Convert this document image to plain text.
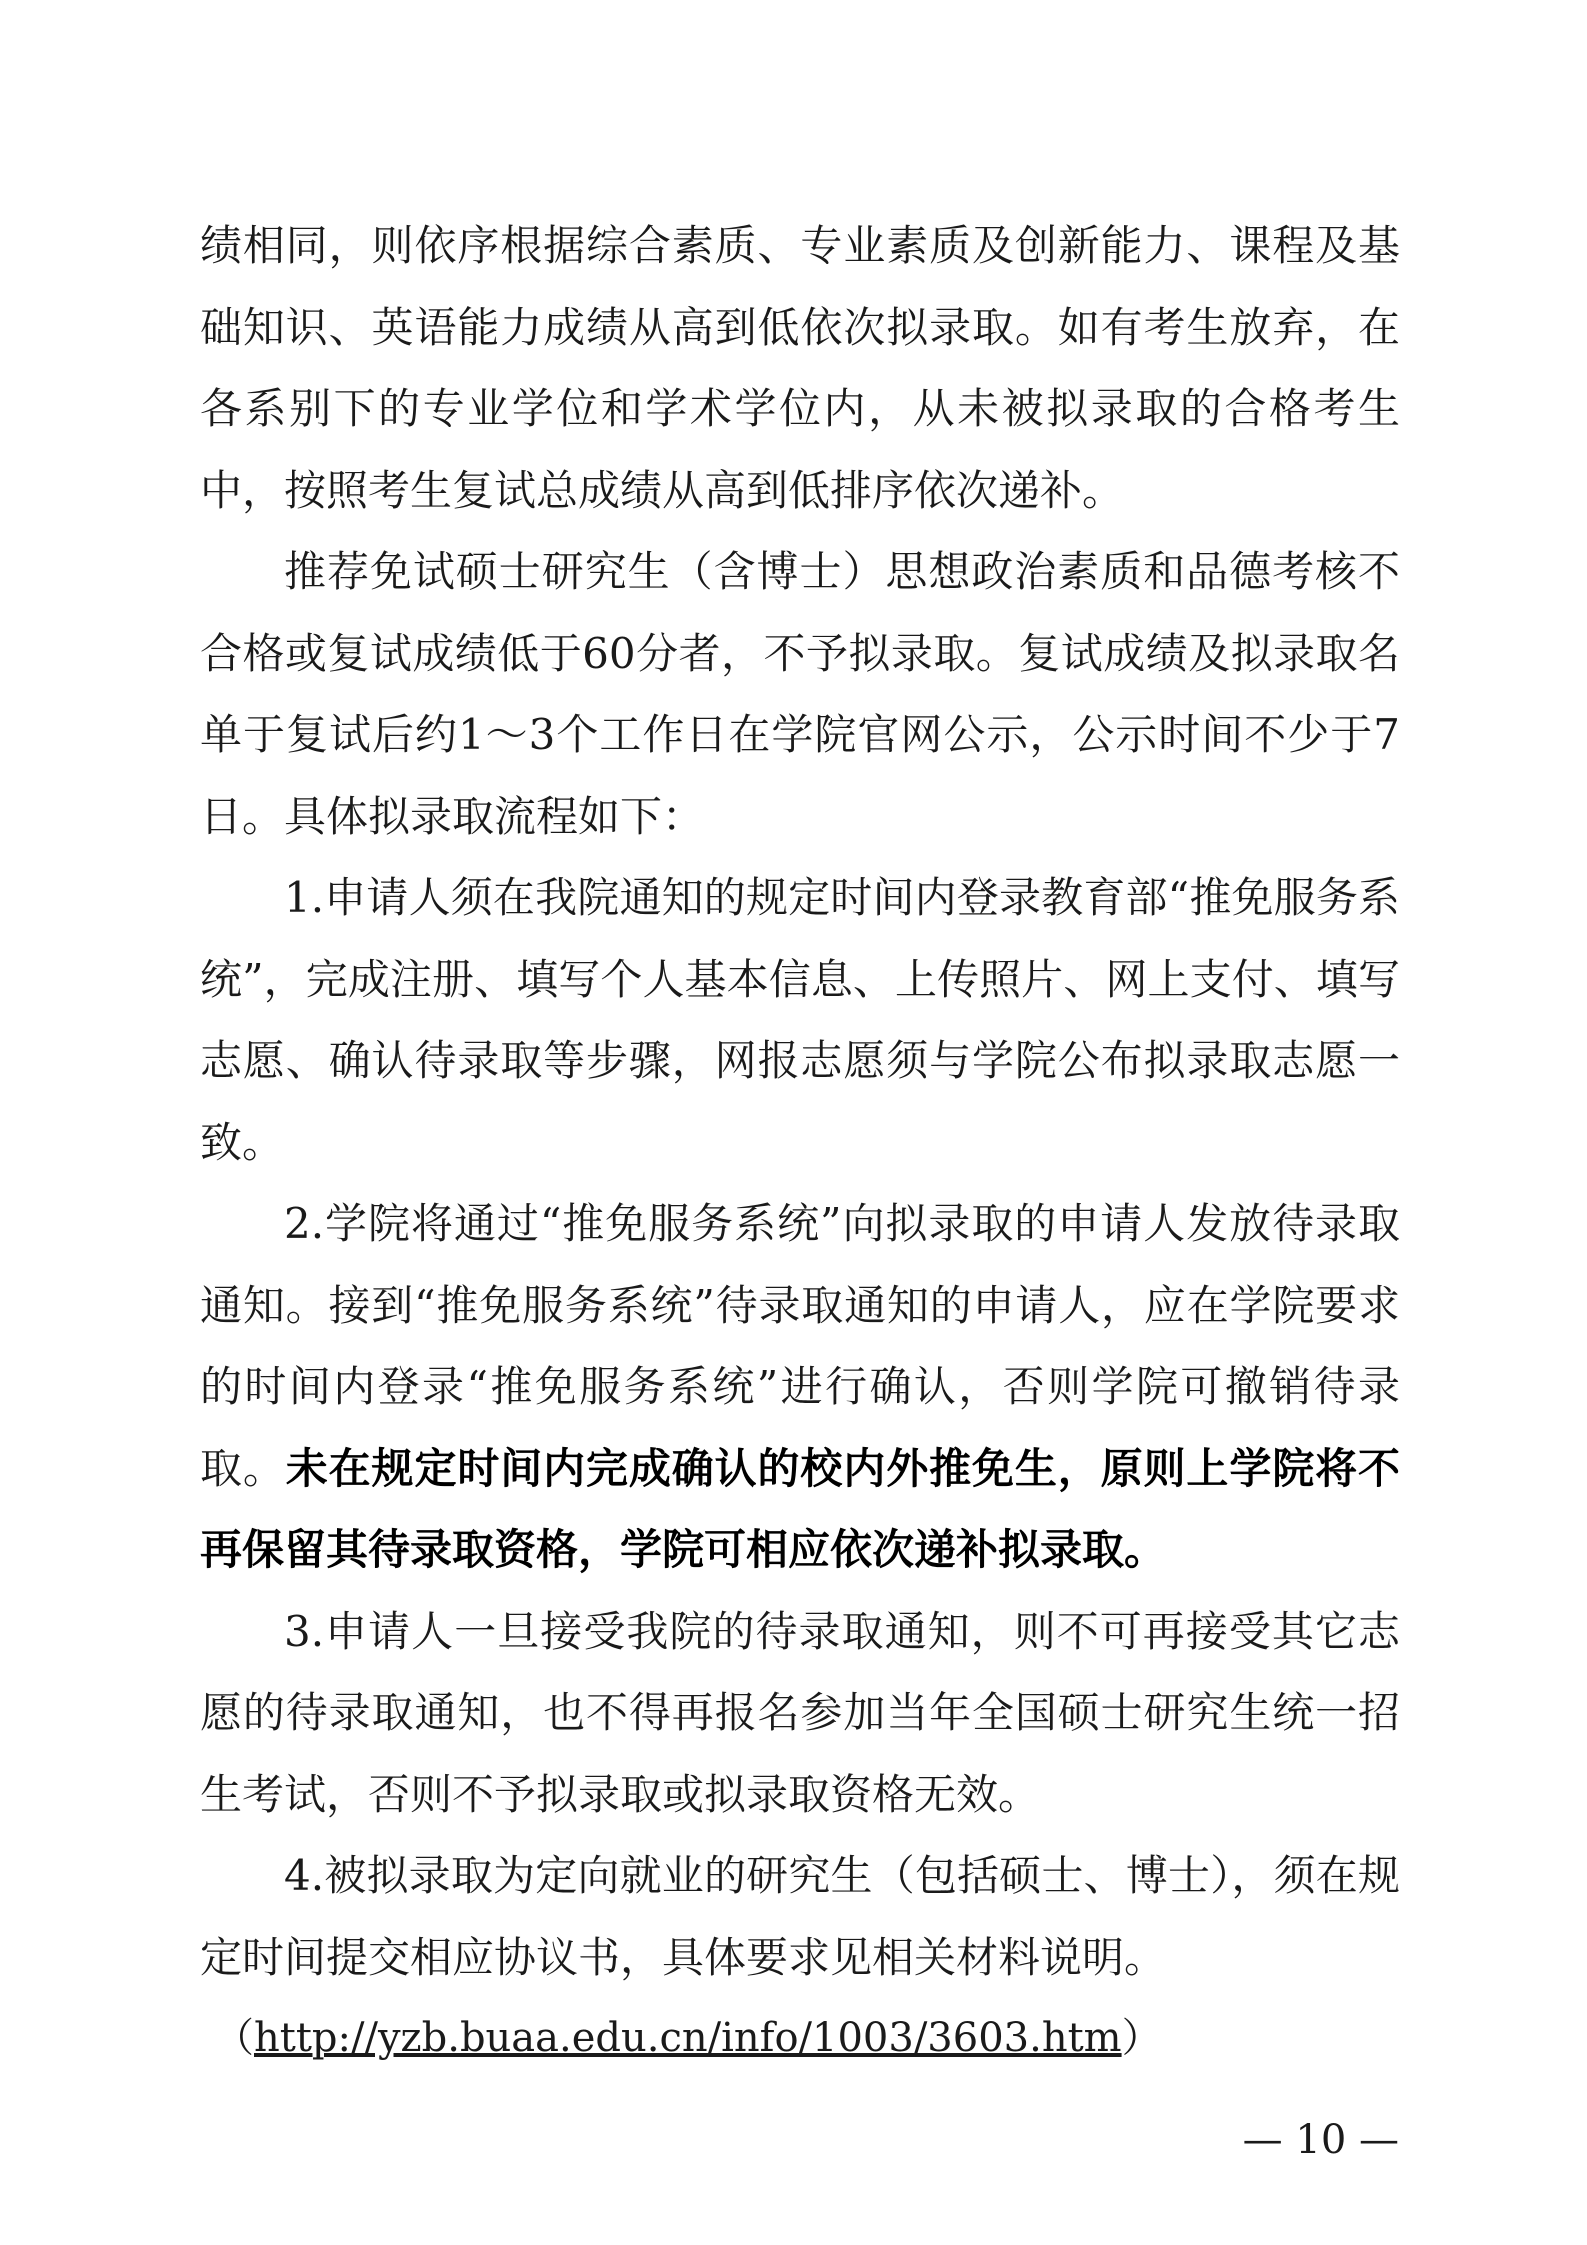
绩相同，则依序根据综合素质、专业素质及创新能力、课程及基础知识、英语能力成绩从高到低依次拟录取。如有考生放弃，在各系别下的专业学位和学术学位内，从未被拟录取的合格考生中，按照考生复试总成绩从高到低排序依次递补。

推荐免试硕士研究生（含博士）思想政治素质和品德考核不合格或复试成绩低于60分者，不予拟录取。复试成绩及拟录取名单于复试后约1～3个工作日在学院官网公示，公示时间不少于7日。具体拟录取流程如下：

1.申请人须在我院通知的规定时间内登录教育部“推免服务系统”，完成注册、填写个人基本信息、上传照片、网上支付、填写志愿、确认待录取等步骤，网报志愿须与学院公布拟录取志愿一致。

2.学院将通过“推免服务系统”向拟录取的申请人发放待录取通知。接到“推免服务系统”待录取通知的申请人，应在学院要求的时间内登录“推免服务系统”进行确认，否则学院可撤销待录取。未在规定时间内完成确认的校内外推免生，原则上学院将不再保留其待录取资格，学院可相应依次递补拟录取。

3.申请人一旦接受我院的待录取通知，则不可再接受其它志愿的待录取通知，也不得再报名参加当年全国硕士研究生统一招生考试，否则不予拟录取或拟录取资格无效。

4.被拟录取为定向就业的研究生（包括硕士、博士），须在规定时间提交相应协议书，具体要求见相关材料说明。

（http://yzb.buaa.edu.cn/info/1003/3603.htm）

— 10 —
